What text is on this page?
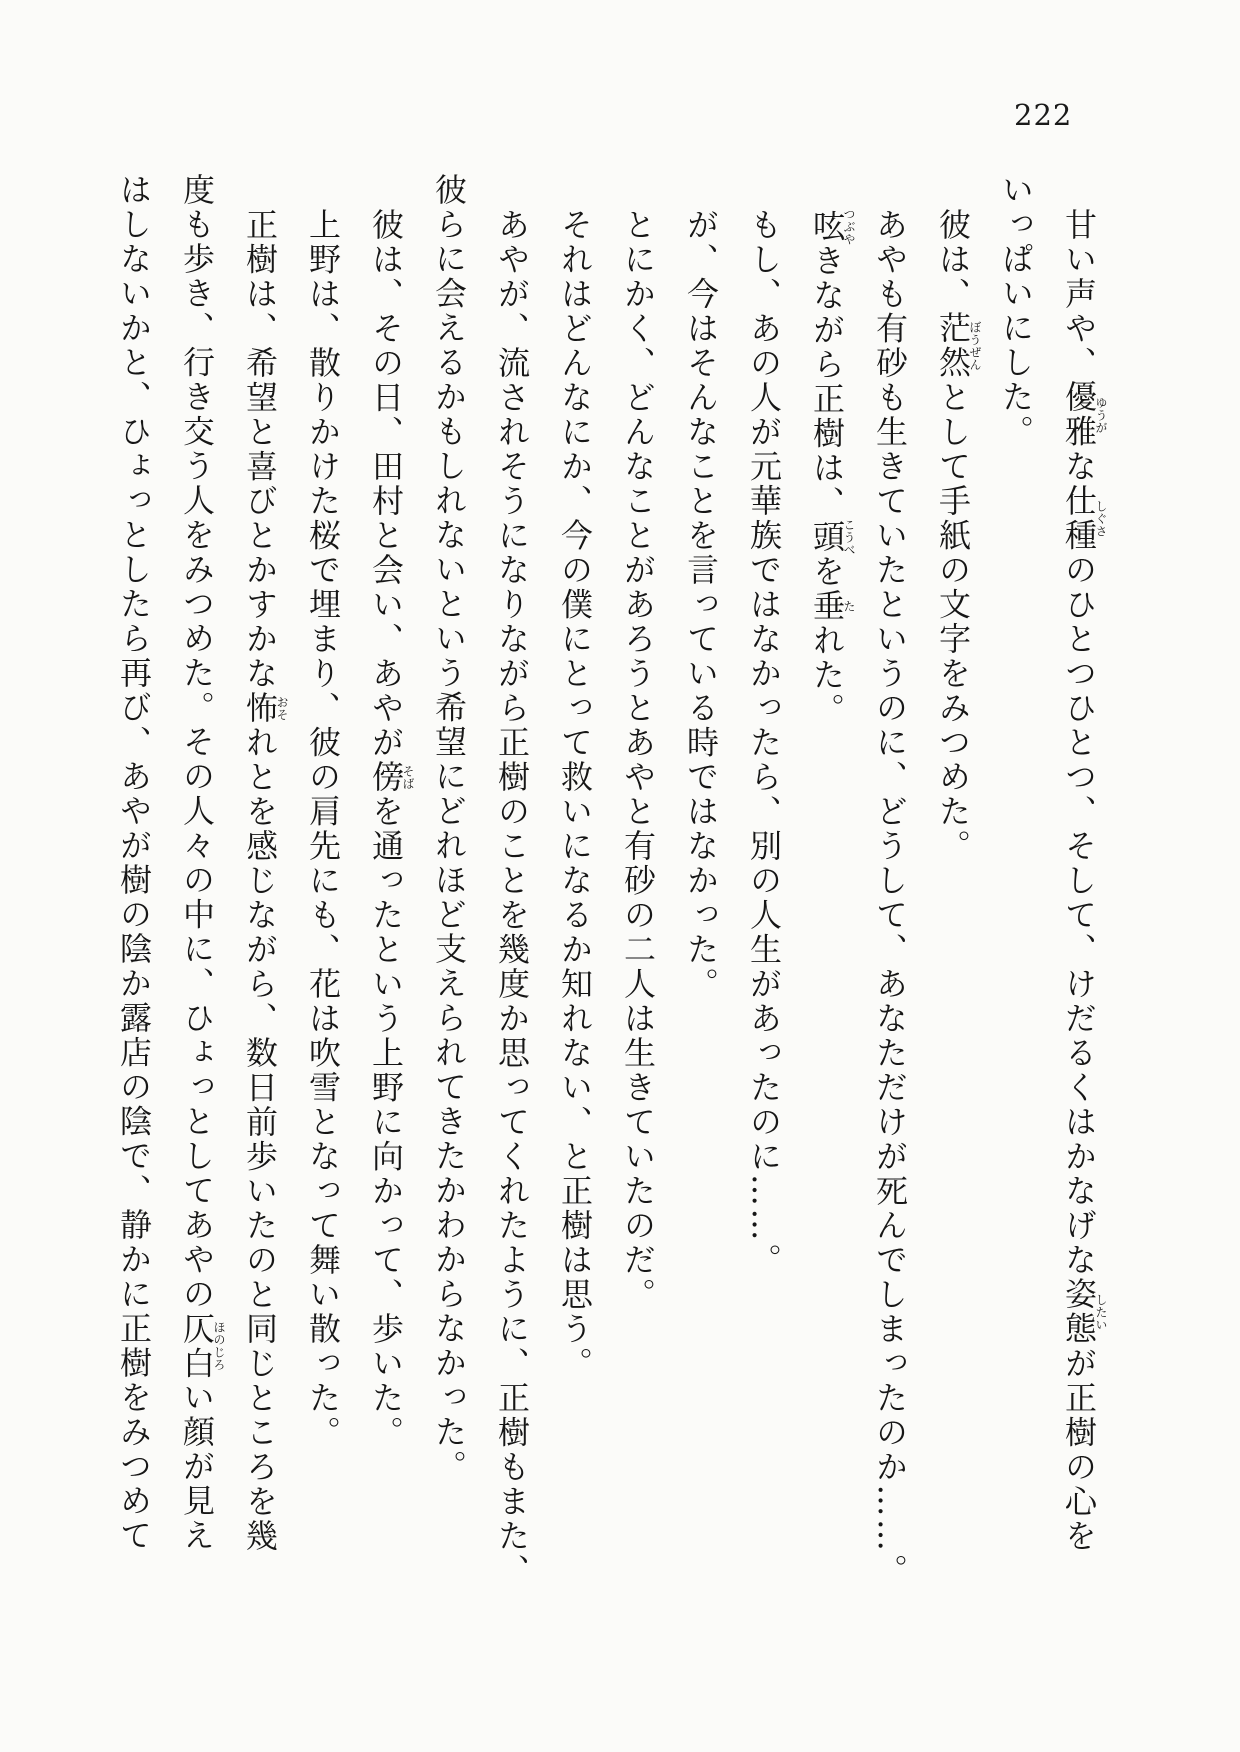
222

甘い声や、優雅ゆうがな仕種しぐさのひとつひとつ、そして、けだるくはかなげな姿態したいが正樹の心を

いっぱいにした。

彼は、茫然ぼうぜんとして手紙の文字をみつめた。

あやも有砂も生きていたというのに、どうして、あなただけが死んでしまったのか……。

呟つぶやきながら正樹は、頭こうべを垂たれた。

もし、あの人が元華族ではなかったら、別の人生があったのに……。

が、今はそんなことを言っている時ではなかった。

とにかく、どんなことがあろうとあやと有砂の二人は生きていたのだ。

それはどんなにか、今の僕にとって救いになるか知れない、と正樹は思う。

あやが、流されそうになりながら正樹のことを幾度か思ってくれたように、正樹もまた、

彼らに会えるかもしれないという希望にどれほど支えられてきたかわからなかった。

彼は、その日、田村と会い、あやが傍そばを通ったという上野に向かって、歩いた。

上野は、散りかけた桜で埋まり、彼の肩先にも、花は吹雪となって舞い散った。

正樹は、希望と喜びとかすかな怖おそれとを感じながら、数日前歩いたのと同じところを幾

度も歩き、行き交う人をみつめた。その人々の中に、ひょっとしてあやの仄白ほのじろい顔が見え

はしないかと、ひょっとしたら再び、あやが樹の陰か露店の陰で、静かに正樹をみつめて
